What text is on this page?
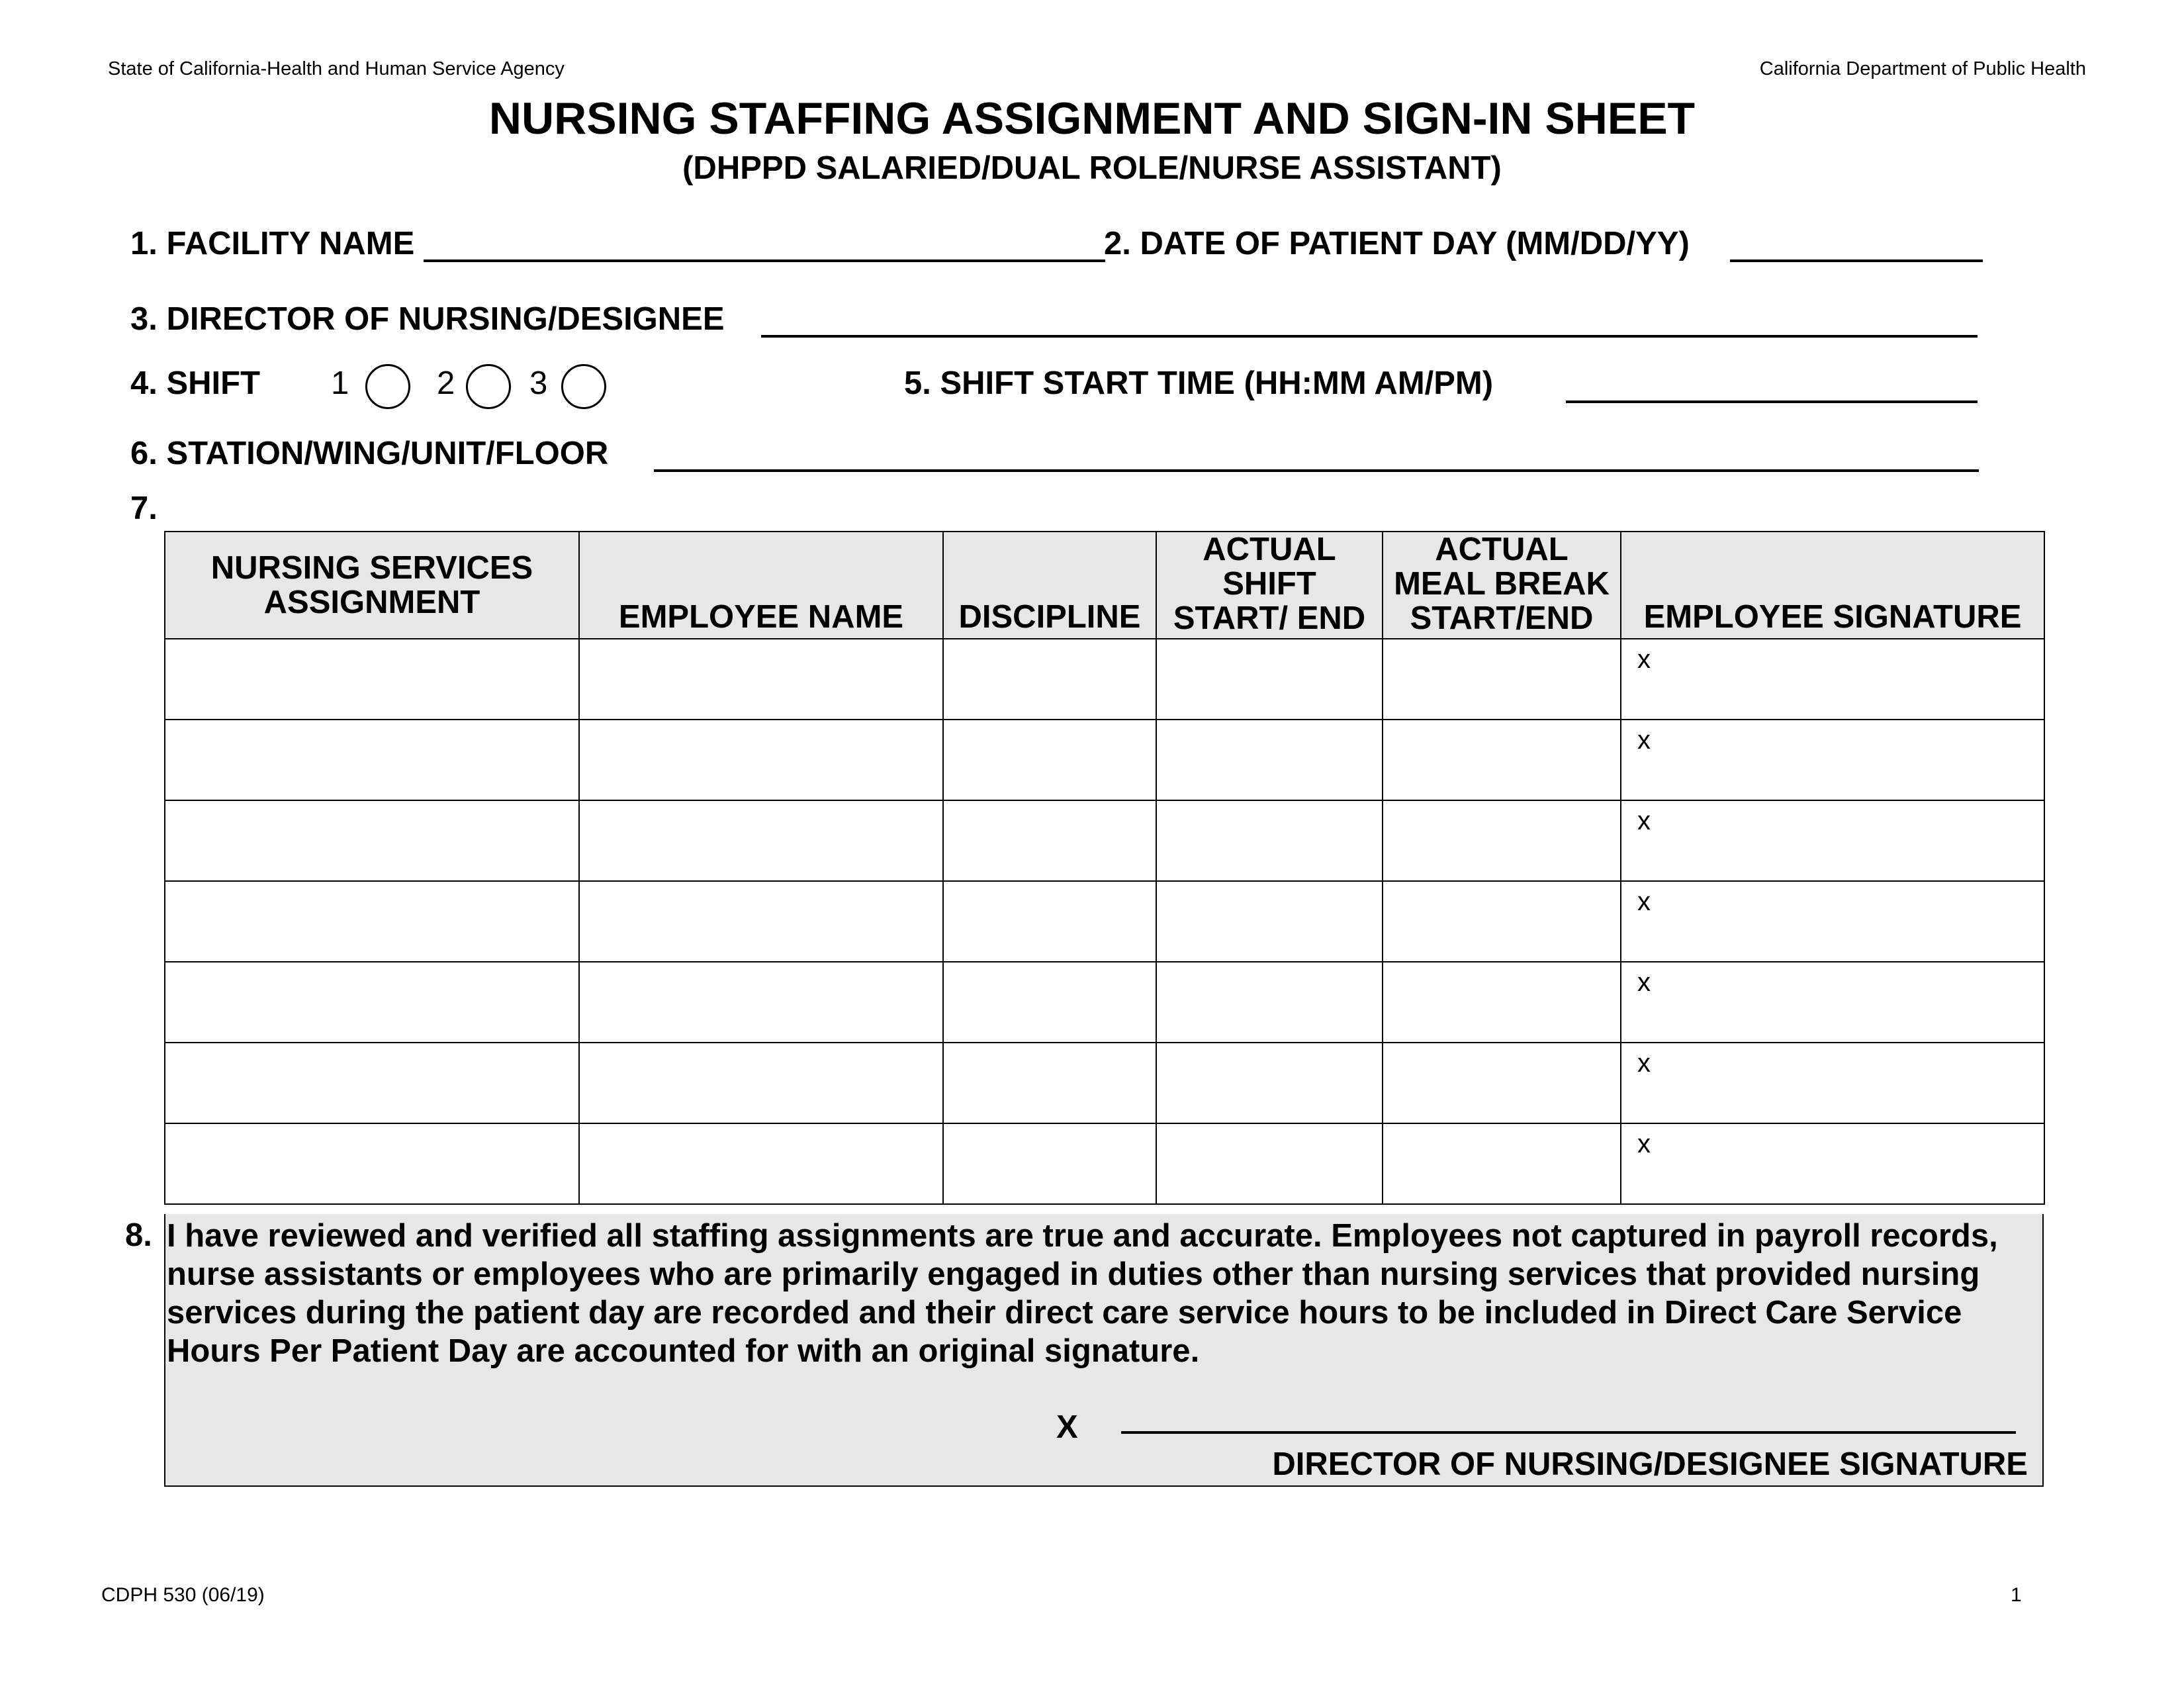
State of California-Health and Human Service Agency	California Department of Public Health
NURSING STAFFING ASSIGNMENT AND SIGN-IN SHEET
(DHPPD SALARIED/DUAL ROLE/NURSE ASSISTANT)
1. FACILITY NAME	2. DATE OF PATIENT DAY (MM/DD/YY)
3. DIRECTOR OF NURSING/DESIGNEE
4. SHIFT 1	2 3	5. SHIFT START TIME (HH:MM AM/PM)
6. STATION/WING/UNIT/FLOOR
7.
NURSING SERVICES ASSIGNMENT	EMPLOYEE NAME	DISCIPLINE	ACTUAL SHIFT START/ END	ACTUAL MEAL BREAK START/END	EMPLOYEE SIGNATURE
					x
					x
					x
					x
					x
					x
					x
8. I have reviewed and verified all staffing assignments are true and accurate. Employees not captured in payroll records, nurse assistants or employees who are primarily engaged in duties other than nursing services that provided nursing services during the patient day are recorded and their direct care service hours to be included in Direct Care Service Hours Per Patient Day are accounted for with an original signature.
X
DIRECTOR OF NURSING/DESIGNEE SIGNATURE
CDPH 530 (06/19)	1
